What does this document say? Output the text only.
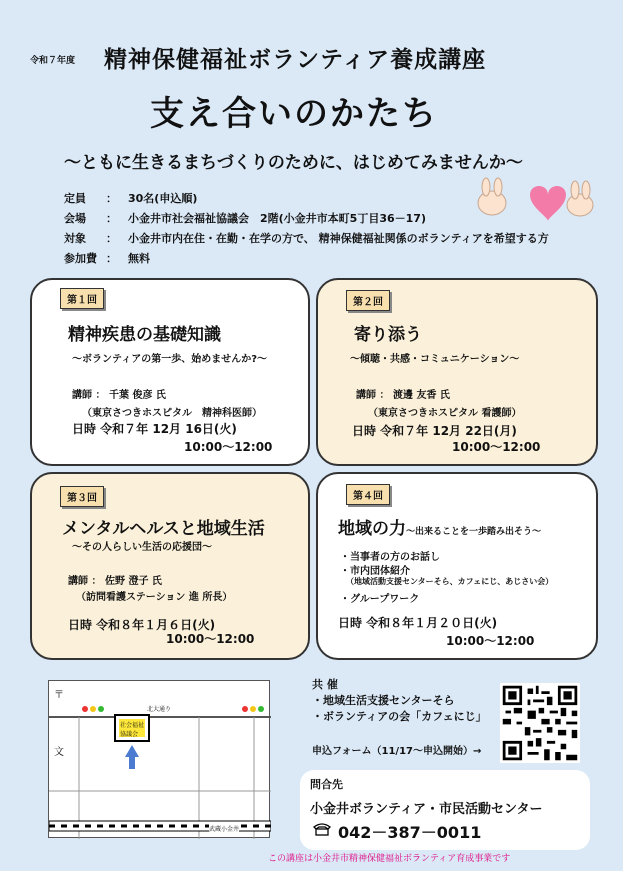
令和７年度 精神保健福祉ボランティア養成講座
支え合いのかたち
～ともに生きるまちづくりのために、はじめてみませんか～
定員 ： 30名(申込順)
会場 ： 小金井市社会福祉協議会　2階(小金井市本町5丁目36－17)
対象 ： 小金井市内在住・在勤・在学の方で、 精神保健福祉関係のボランティアを希望する方
参加費 ： 無料
第１回
精神疾患の基礎知識
～ボランティアの第一歩、始めませんか?～
講師 ： 千葉 俊彦 氏
（東京さつきホスピタル　精神科医師）
日時 令和７年 12月 16日(火)
10:00～12:00
第２回
寄り添う
～傾聴・共感・コミュニケーション～
講師 ： 渡邊 友香 氏
（東京さつきホスピタル 看護師）
日時 令和７年 12月 22日(月)
10:00～12:00
第３回
メンタルヘルスと地域生活
～その人らしい生活の応援団～
講師 ： 佐野 澄子 氏
（訪問看護ステーション 進 所長）
日時 令和８年１月６日(火)
10:00～12:00
第４回
地域の力～出来ることを一歩踏み出そう～
・当事者の方のお話し
・市内団体紹介
（地域活動支援センターそら、カフェにじ、あじさい会）
・グループワーク
日時 令和８年１月２０日(火)
10:00～12:00
〒
文
北大通り
社会福祉協議会
武蔵小金井
共 催
・地域生活支援センターそら
・ボランティアの会「カフェにじ」
申込フォーム（11/17～申込開始）→
問合先
小金井ボランティア・市民活動センター
042－387－0011
この講座は小金井市精神保健福祉ボランティア育成事業です
